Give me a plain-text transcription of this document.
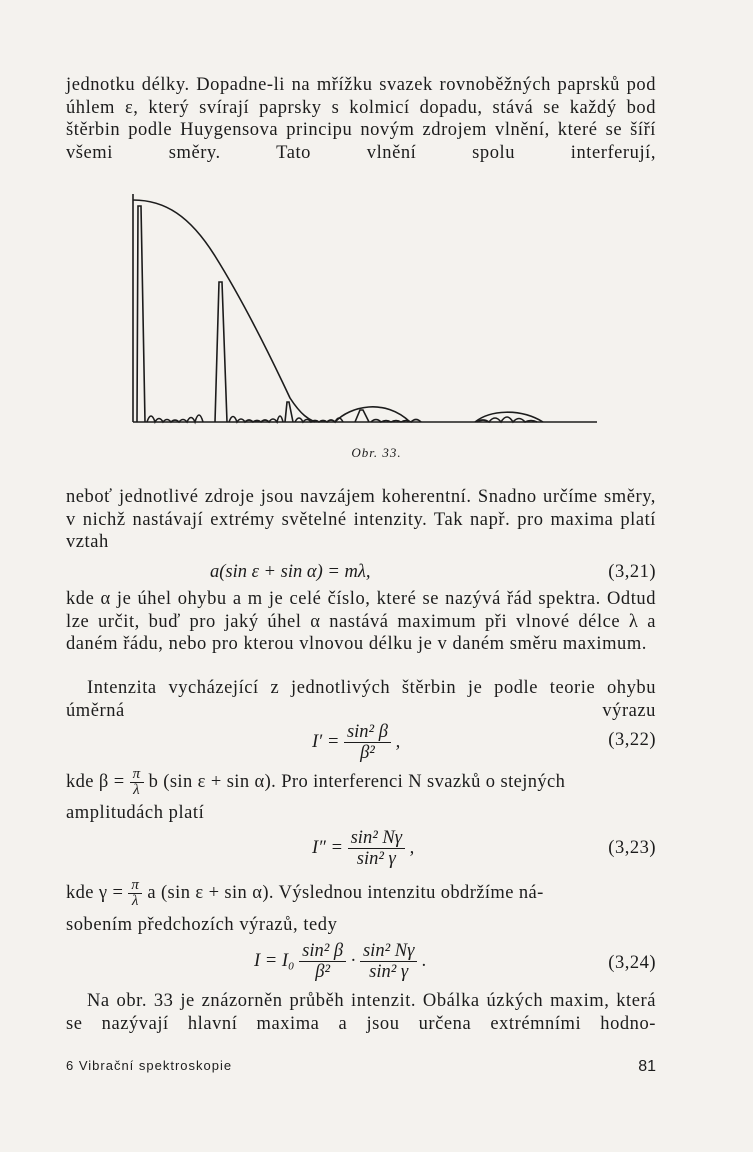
jednotku délky. Dopadne-li na mřížku svazek rovnoběžných paprsků pod úhlem ε, který svírají paprsky s kolmicí dopadu, stává se každý bod štěrbin podle Huygensova principu novým zdrojem vlnění, které se šíří všemi směry. Tato vlnění spolu interferují,

Obr. 33.

neboť jednotlivé zdroje jsou navzájem koherentní. Snadno určíme směry, v nichž nastávají extrémy světelné intenzity. Tak např. pro maxima platí vztah

a(sin ε + sin α) = mλ,	(3,21)

kde α je úhel ohybu a m je celé číslo, které se nazývá řád spektra. Odtud lze určit, buď pro jaký úhel α nastává maximum při vlnové délce λ a daném řádu, nebo pro kterou vlnovou délku je v daném směru maximum.

Intenzita vycházející z jednotlivých štěrbin je podle teorie ohybu úměrná výrazu

$I' = \frac{\text{sin² β}}{\text{β²}}$ ,	(3,22)
kde $\beta = \frac{\pi}{\lambda}$ b (sin ε + sin α). Pro interferenci N svazků o stejných

amplitudách platí

$I'' = \frac{\text{sin² Nγ}}{\text{sin² γ}}$ ,	(3,23)
kde $\gamma = \frac{\pi}{\lambda}$ a (sin ε + sin α). Výslednou intenzitu obdržíme ná-

sobením předchozích výrazů, tedy

$I = I_0 \frac{\text{sin² β}}{\text{β²}} \cdot \frac{\text{sin² Nγ}}{\text{sin² γ}}$ .	(3,24)

Na obr. 33 je znázorněn průběh intenzit. Obálka úzkých maxim, která se nazývají hlavní maxima a jsou určena extrémními hodno-

6 Vibrační spektroskopie	81
